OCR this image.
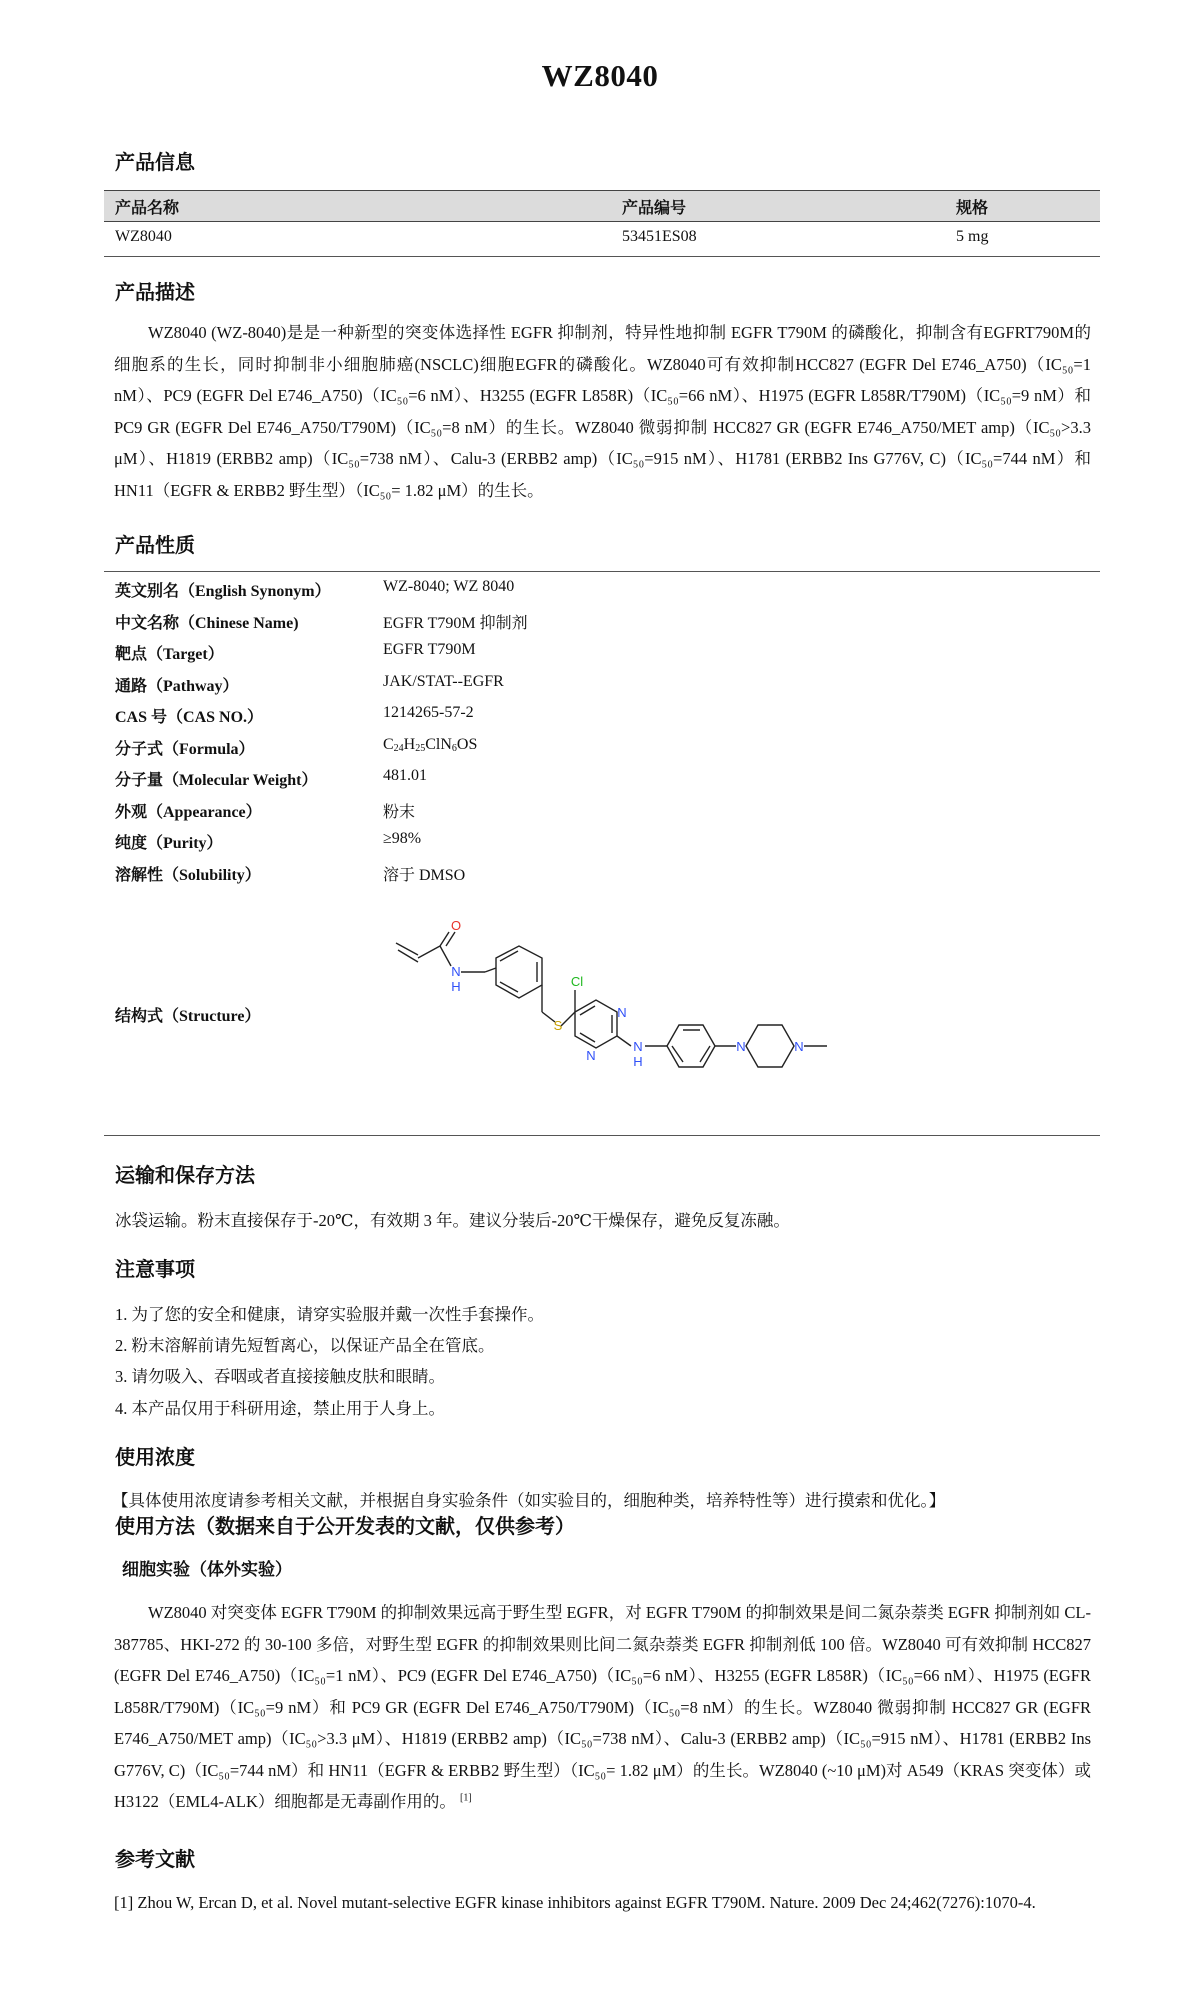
WZ8040
产品信息
产品名称	产品编号	规格
WZ8040	53451ES08	5 mg
产品描述
WZ8040 (WZ-8040)是是一种新型的突变体选择性 EGFR 抑制剂，特异性地抑制 EGFR T790M 的磷酸化，抑制含有EGFRT790M的细胞系的生长，同时抑制非小细胞肺癌(NSCLC)细胞EGFR的磷酸化。WZ8040可有效抑制HCC827 (EGFR Del E746_A750)（IC₅₀=1 nM）、PC9 (EGFR Del E746_A750)（IC₅₀=6 nM）、H3255 (EGFR L858R)（IC₅₀=66 nM）、H1975 (EGFR L858R/T790M)（IC₅₀=9 nM）和 PC9 GR (EGFR Del E746_A750/T790M)（IC₅₀=8 nM）的生长。WZ8040 微弱抑制 HCC827 GR (EGFR E746_A750/MET amp)（IC₅₀>3.3 μM）、H1819 (ERBB2 amp)（IC₅₀=738 nM）、Calu-3 (ERBB2 amp)（IC₅₀=915 nM）、H1781 (ERBB2 Ins G776V, C)（IC₅₀=744 nM）和 HN11（EGFR & ERBB2 野生型）（IC₅₀= 1.82 μM）的生长。
产品性质
英文别名（English Synonym）	WZ-8040; WZ 8040
中文名称（Chinese Name)	EGFR T790M 抑制剂
靶点（Target）	EGFR T790M
通路（Pathway）	JAK/STAT--EGFR
CAS 号（CAS NO.）	1214265-57-2
分子式（Formula）	$C_{24}H_{25}ClN_6OS$
分子量（Molecular Weight）	481.01
外观（Appearance）	粉末
纯度（Purity）	≥98%
溶解性（Solubility）	溶于 DMSO
结构式（Structure）
O
N
H	Cl
S
N
N
N
H
N	N
运输和保存方法
冰袋运输。粉末直接保存于-20℃，有效期 3 年。建议分装后-20℃干燥保存，避免反复冻融。
注意事项
1. 为了您的安全和健康，请穿实验服并戴一次性手套操作。
2. 粉末溶解前请先短暂离心，以保证产品全在管底。
3. 请勿吸入、吞咽或者直接接触皮肤和眼睛。
4. 本产品仅用于科研用途，禁止用于人身上。
使用浓度
【具体使用浓度请参考相关文献，并根据自身实验条件（如实验目的，细胞种类，培养特性等）进行摸索和优化。】
使用方法（数据来自于公开发表的文献，仅供参考）
细胞实验（体外实验）
WZ8040 对突变体 EGFR T790M 的抑制效果远高于野生型 EGFR，对 EGFR T790M 的抑制效果是间二氮杂萘类 EGFR 抑制剂如 CL-387785、HKI-272 的 30-100 多倍，对野生型 EGFR 的抑制效果则比间二氮杂萘类 EGFR 抑制剂低 100 倍。WZ8040 可有效抑制 HCC827 (EGFR Del E746_A750)（IC₅₀=1 nM）、PC9 (EGFR Del E746_A750)（IC₅₀=6 nM）、H3255 (EGFR L858R)（IC₅₀=66 nM）、H1975 (EGFR L858R/T790M)（IC₅₀=9 nM）和 PC9 GR (EGFR Del E746_A750/T790M)（IC₅₀=8 nM）的生长。WZ8040 微弱抑制 HCC827 GR (EGFR E746_A750/MET amp)（IC₅₀>3.3 μM）、H1819 (ERBB2 amp)（IC₅₀=738 nM）、Calu-3 (ERBB2 amp)（IC₅₀=915 nM）、H1781 (ERBB2 Ins G776V, C)（IC₅₀=744 nM）和 HN11（EGFR & ERBB2 野生型）（IC₅₀= 1.82 μM）的生长。WZ8040 (~10 μM)对 A549（KRAS 突变体）或 H3122（EML4-ALK）细胞都是无毒副作用的。 [1]
参考文献
[1] Zhou W, Ercan D, et al. Novel mutant-selective EGFR kinase inhibitors against EGFR T790M. Nature. 2009 Dec 24;462(7276):1070-4.
